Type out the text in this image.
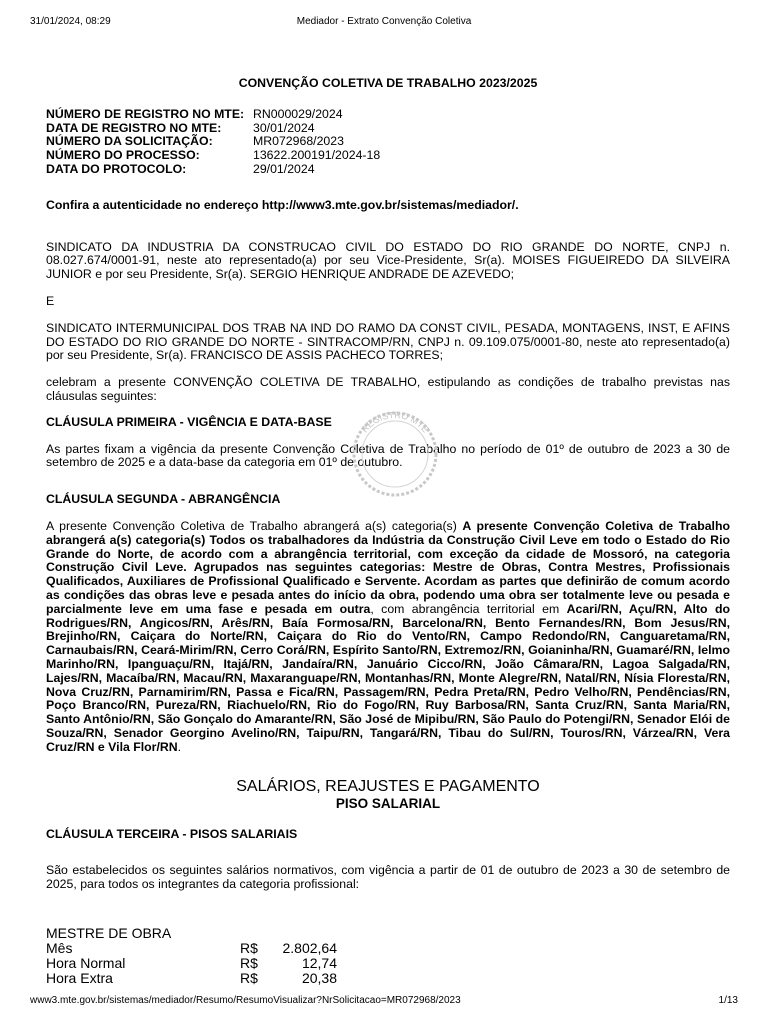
31/01/2024, 08:29	Mediador - Extrato Convenção Coletiva
CONVENÇÃO COLETIVA DE TRABALHO 2023/2025
NÚMERO DE REGISTRO NO MTE: RN000029/2024
DATA DE REGISTRO NO MTE:	30/01/2024
NÚMERO DA SOLICITAÇÃO:	MR072968/2023
NÚMERO DO PROCESSO:	13622.200191/2024-18
DATA DO PROTOCOLO:	29/01/2024
Confira a autenticidade no endereço http://www3.mte.gov.br/sistemas/mediador/.
SINDICATO DA INDUSTRIA DA CONSTRUCAO CIVIL DO ESTADO DO RIO GRANDE DO NORTE, CNPJ n. 08.027.674/0001-91, neste ato representado(a) por seu Vice-Presidente, Sr(a). MOISES FIGUEIREDO DA SILVEIRA JUNIOR e por seu Presidente, Sr(a). SERGIO HENRIQUE ANDRADE DE AZEVEDO;
E
SINDICATO INTERMUNICIPAL DOS TRAB NA IND DO RAMO DA CONST CIVIL, PESADA, MONTAGENS, INST, E AFINS DO ESTADO DO RIO GRANDE DO NORTE - SINTRACOMP/RN, CNPJ n. 09.109.075/0001-80, neste ato representado(a) por seu Presidente, Sr(a). FRANCISCO DE ASSIS PACHECO TORRES;
celebram a presente CONVENÇÃO COLETIVA DE TRABALHO, estipulando as condições de trabalho previstas nas cláusulas seguintes:
CLÁUSULA PRIMEIRA - VIGÊNCIA E DATA-BASE
As partes fixam a vigência da presente Convenção Coletiva de Trabalho no período de 01º de outubro de 2023 a 30 de setembro de 2025 e a data-base da categoria em 01º de outubro.
CLÁUSULA SEGUNDA - ABRANGÊNCIA
A presente Convenção Coletiva de Trabalho abrangerá a(s) categoria(s) A presente Convenção Coletiva de Trabalho abrangerá a(s) categoria(s) Todos os trabalhadores da Indústria da Construção Civil Leve em todo o Estado do Rio Grande do Norte, de acordo com a abrangência territorial, com exceção da cidade de Mossoró, na categoria Construção Civil Leve. Agrupados nas seguintes categorias: Mestre de Obras, Contra Mestres, Profissionais Qualificados, Auxiliares de Profissional Qualificado e Servente. Acordam as partes que definirão de comum acordo as condições das obras leve e pesada antes do início da obra, podendo uma obra ser totalmente leve ou pesada e parcialmente leve em uma fase e pesada em outra, com abrangência territorial em Acari/RN, Açu/RN, Alto do Rodrigues/RN, Angicos/RN, Arês/RN, Baía Formosa/RN, Barcelona/RN, Bento Fernandes/RN, Bom Jesus/RN, Brejinho/RN, Caiçara do Norte/RN, Caiçara do Rio do Vento/RN, Campo Redondo/RN, Canguaretama/RN, Carnaubais/RN, Ceará-Mirim/RN, Cerro Corá/RN, Espírito Santo/RN, Extremoz/RN, Goianinha/RN, Guamaré/RN, Ielmo Marinho/RN, Ipanguaçu/RN, Itajá/RN, Jandaíra/RN, Januário Cicco/RN, João Câmara/RN, Lagoa Salgada/RN, Lajes/RN, Macaíba/RN, Macau/RN, Maxaranguape/RN, Montanhas/RN, Monte Alegre/RN, Natal/RN, Nísia Floresta/RN, Nova Cruz/RN, Parnamirim/RN, Passa e Fica/RN, Passagem/RN, Pedra Preta/RN, Pedro Velho/RN, Pendências/RN, Poço Branco/RN, Pureza/RN, Riachuelo/RN, Rio do Fogo/RN, Ruy Barbosa/RN, Santa Cruz/RN, Santa Maria/RN, Santo Antônio/RN, São Gonçalo do Amarante/RN, São José de Mipibu/RN, São Paulo do Potengi/RN, Senador Elói de Souza/RN, Senador Georgino Avelino/RN, Taipu/RN, Tangará/RN, Tibau do Sul/RN, Touros/RN, Várzea/RN, Vera Cruz/RN e Vila Flor/RN.
SALÁRIOS, REAJUSTES E PAGAMENTO
PISO SALARIAL
CLÁUSULA TERCEIRA - PISOS SALARIAIS
São estabelecidos os seguintes salários normativos, com vigência a partir de 01 de outubro de 2023 a 30 de setembro de 2025, para todos os integrantes da categoria profissional:
MESTRE DE OBRA
Mês	R$	2.802,64
Hora Normal	R$	12,74
Hora Extra	R$	20,38
REGISTRO MTE
www3.mte.gov.br/sistemas/mediador/Resumo/ResumoVisualizar?NrSolicitacao=MR072968/2023	1/13
